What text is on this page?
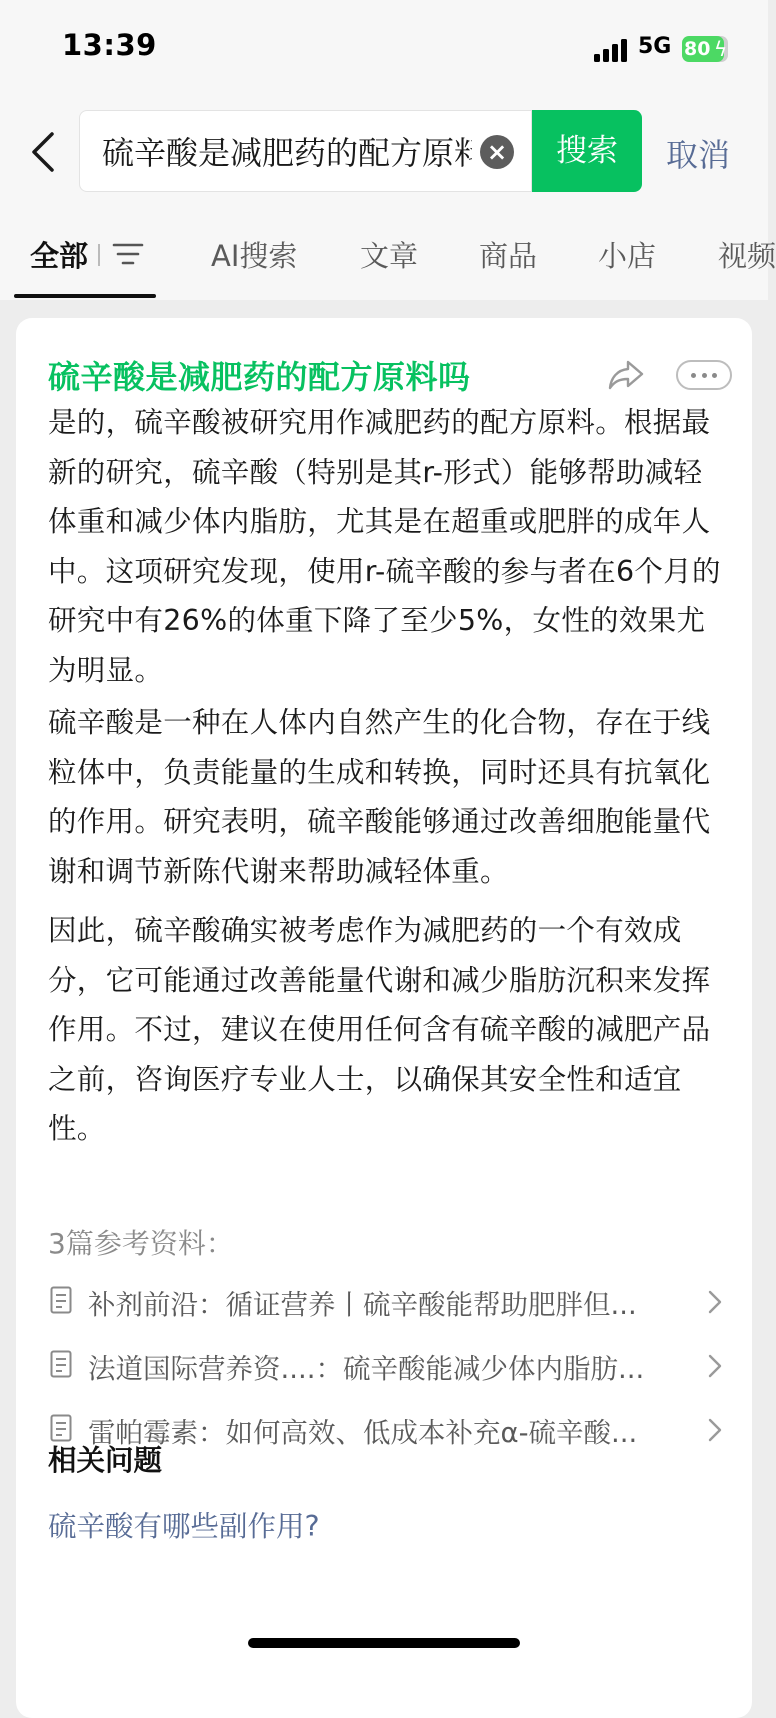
13:39	5G 80 ϟ
硫辛酸是减肥药的配方原料吗
×	搜索	取消
全部	AI搜索 文章 商品 小店 视频
硫辛酸是减肥药的配方原料吗

是的，硫辛酸被研究用作减肥药的配方原料。根据最新的研究，硫辛酸（特别是其r-形式）能够帮助减轻体重和减少体内脂肪，尤其是在超重或肥胖的成年人中。这项研究发现，使用r-硫辛酸的参与者在6个月的研究中有26%的体重下降了至少5%，女性的效果尤为明显。

硫辛酸是一种在人体内自然产生的化合物，存在于线粒体中，负责能量的生成和转换，同时还具有抗氧化的作用。研究表明，硫辛酸能够通过改善细胞能量代谢和调节新陈代谢来帮助减轻体重。

因此，硫辛酸确实被考虑作为减肥药的一个有效成分，它可能通过改善能量代谢和减少脂肪沉积来发挥作用。不过，建议在使用任何含有硫辛酸的减肥产品之前，咨询医疗专业人士，以确保其安全性和适宜性。

3篇参考资料：
补剂前沿：循证营养丨硫辛酸能帮助肥胖但...
法道国际营养资....：硫辛酸能减少体内脂肪...
雷帕霉素：如何高效、低成本补充α-硫辛酸...
相关问题
硫辛酸有哪些副作用?
